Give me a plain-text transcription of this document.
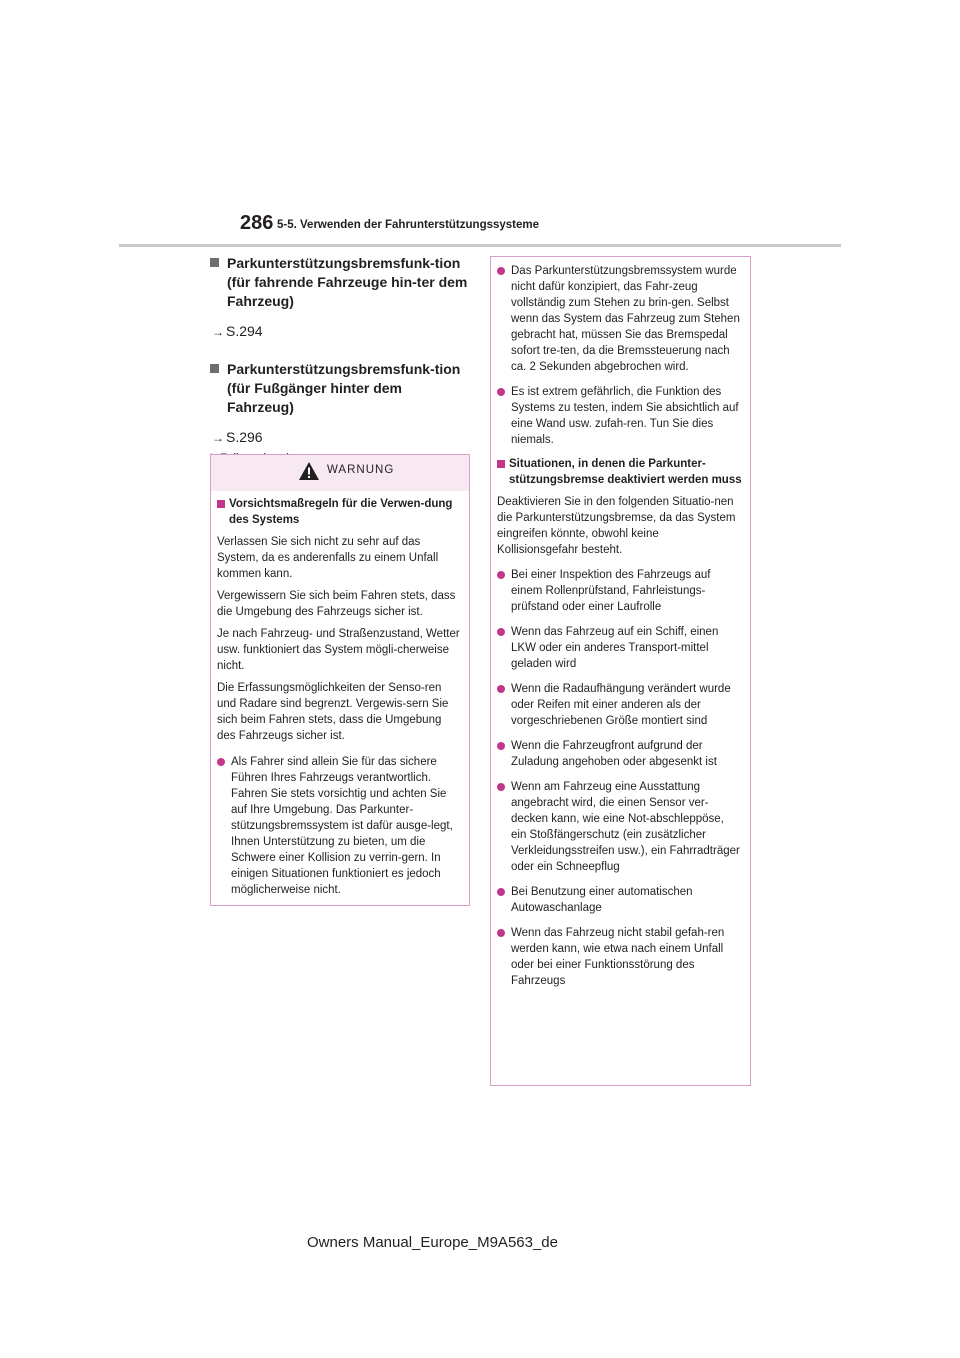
286 5-5. Verwenden der Fahrunterstützungssysteme
Parkunterstützungsbremsfunk-tion (für fahrende Fahrzeuge hin-ter dem Fahrzeug)
→ S.294
Parkunterstützungsbremsfunk-tion (für Fußgänger hinter dem Fahrzeug)
→ S.296
WARNUNG
Vorsichtsmaßregeln für die Verwen-dung des Systems
Verlassen Sie sich nicht zu sehr auf das System, da es anderenfalls zu einem Unfall kommen kann.
Vergewissern Sie sich beim Fahren stets, dass die Umgebung des Fahrzeugs sicher ist.
Je nach Fahrzeug- und Straßenzustand, Wetter usw. funktioniert das System mögli-cherweise nicht.
Die Erfassungsmöglichkeiten der Senso-ren und Radare sind begrenzt. Vergewis-sern Sie sich beim Fahren stets, dass die Umgebung des Fahrzeugs sicher ist.
Als Fahrer sind allein Sie für das sichere Führen Ihres Fahrzeugs verantwortlich. Fahren Sie stets vorsichtig und achten Sie auf Ihre Umgebung. Das Parkunter-stützungsbremssystem ist dafür ausge-legt, Ihnen Unterstützung zu bieten, um die Schwere einer Kollision zu verrin-gern. In einigen Situationen funktioniert es jedoch möglicherweise nicht.
Das Parkunterstützungsbremssystem wurde nicht dafür konzipiert, das Fahr-zeug vollständig zum Stehen zu brin-gen. Selbst wenn das System das Fahrzeug zum Stehen gebracht hat, müssen Sie das Bremspedal sofort tre-ten, da die Bremssteuerung nach ca. 2 Sekunden abgebrochen wird.
Es ist extrem gefährlich, die Funktion des Systems zu testen, indem Sie absichtlich auf eine Wand usw. zufah-ren. Tun Sie dies niemals.
Situationen, in denen die Parkunter-stützungsbremse deaktiviert werden muss
Deaktivieren Sie in den folgenden Situatio-nen die Parkunterstützungsbremse, da das System eingreifen könnte, obwohl keine Kollisionsgefahr besteht.
Bei einer Inspektion des Fahrzeugs auf einem Rollenprüfstand, Fahrleistungs-prüfstand oder einer Laufrolle
Wenn das Fahrzeug auf ein Schiff, einen LKW oder ein anderes Transport-mittel geladen wird
Wenn die Radaufhängung verändert wurde oder Reifen mit einer anderen als der vorgeschriebenen Größe montiert sind
Wenn die Fahrzeugfront aufgrund der Zuladung angehoben oder abgesenkt ist
Wenn am Fahrzeug eine Ausstattung angebracht wird, die einen Sensor ver-decken kann, wie eine Not-abschleppöse, ein Stoßfängerschutz (ein zusätzlicher Verkleidungsstreifen usw.), ein Fahrradträger oder ein Schneepflug
Bei Benutzung einer automatischen Autowaschanlage
Wenn das Fahrzeug nicht stabil gefah-ren werden kann, wie etwa nach einem Unfall oder bei einer Funktionsstörung des Fahrzeugs
Owners Manual_Europe_M9A563_de
